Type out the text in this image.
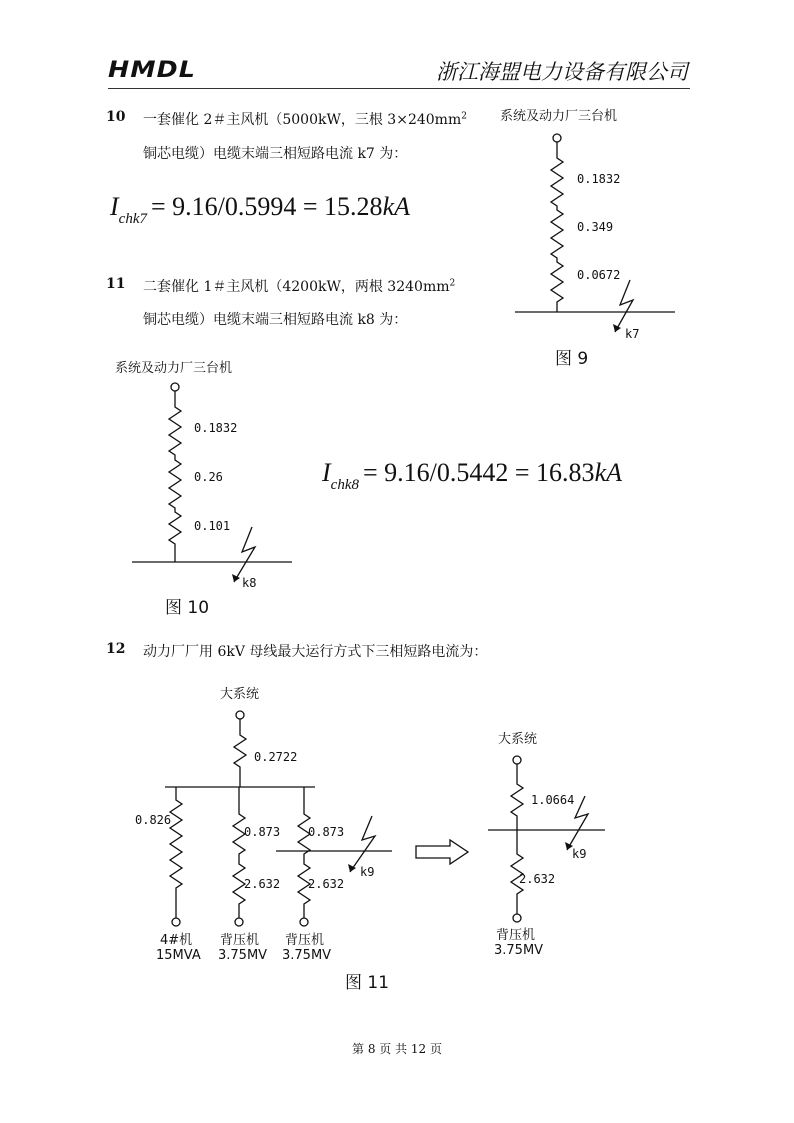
HMDL	浙江海盟电力设备有限公司
10 一套催化 2＃主风机（5000kW，三根 $3\times 240mm^2$
铜芯电缆）电缆末端三相短路电流 k7 为：
$I_{chk7} = 9.16/0.5994 = 15.28kA$
11 二套催化 1＃主风机（4200kW，两根 $3240mm^2$
铜芯电缆）电缆末端三相短路电流 k8 为：
系统及动力厂三台机
0.1832
0.349
0.0672
k7
图 9
系统及动力厂三台机
0.1832
0.26
0.101
k8
图 10
$I_{chk8} = 9.16/0.5442 = 16.83kA$
12 动力厂厂用 6kV 母线最大运行方式下三相短路电流为：
大系统
0.2722
0.826
4#机
15MVA
0.873
2.632
背压机
3.75MV
0.873
2.632
背压机
3.75MV
k9
大系统
1.0664
2.632
k9
背压机
3.75MV
图 11
第 8 页 共 12 页
